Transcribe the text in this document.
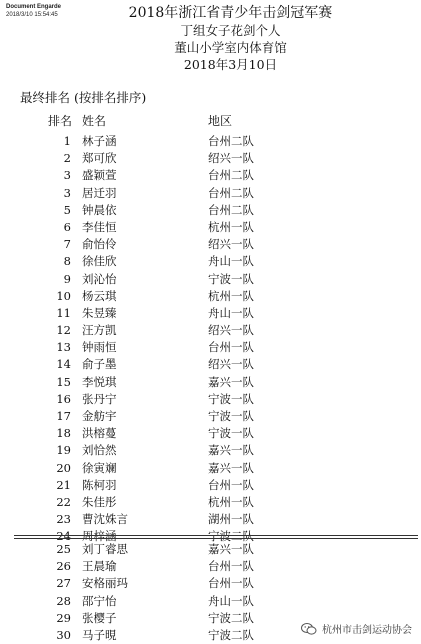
Document Engarde
2018/3/10 15:54:45	2018年浙江省青少年击剑冠军赛
丁组女子花剑个人
董山小学室内体育馆
2018年3月10日
最终排名 (按排名排序)
排名 姓名	地区
1 林子涵	台州二队
2 郑可欣	绍兴一队
3 盛颖萱	台州二队
3 居迁羽	台州二队
5 钟晨依	台州二队
6 李佳恒	杭州一队
7 俞怡伶	绍兴一队
8 徐佳欣	舟山一队
9 刘沁怡	宁波一队
10 杨云琪	杭州一队
11 朱昱臻	舟山一队
12 汪方凯	绍兴一队
13 钟雨恒	台州一队
14 俞子墨	绍兴一队
15 李悦琪	嘉兴一队
16 张丹宁	宁波一队
17 金舫宇	宁波一队
18 洪榕蔓	宁波一队
19 刘恰然	嘉兴一队
20 徐寅斓	嘉兴一队
21 陈柯羽	台州一队
22 朱佳彤	杭州一队
23 曹沈姝言	湖州一队
24 周梓涵	宁波二队
25 刘丁睿思	嘉兴一队
26 王晨瑜	台州一队
27 安格丽玛	台州一队
28 邵宁怡	舟山一队
29 张樱子	宁波二队
30 马子晛	宁波二队	杭州市击剑运动协会
